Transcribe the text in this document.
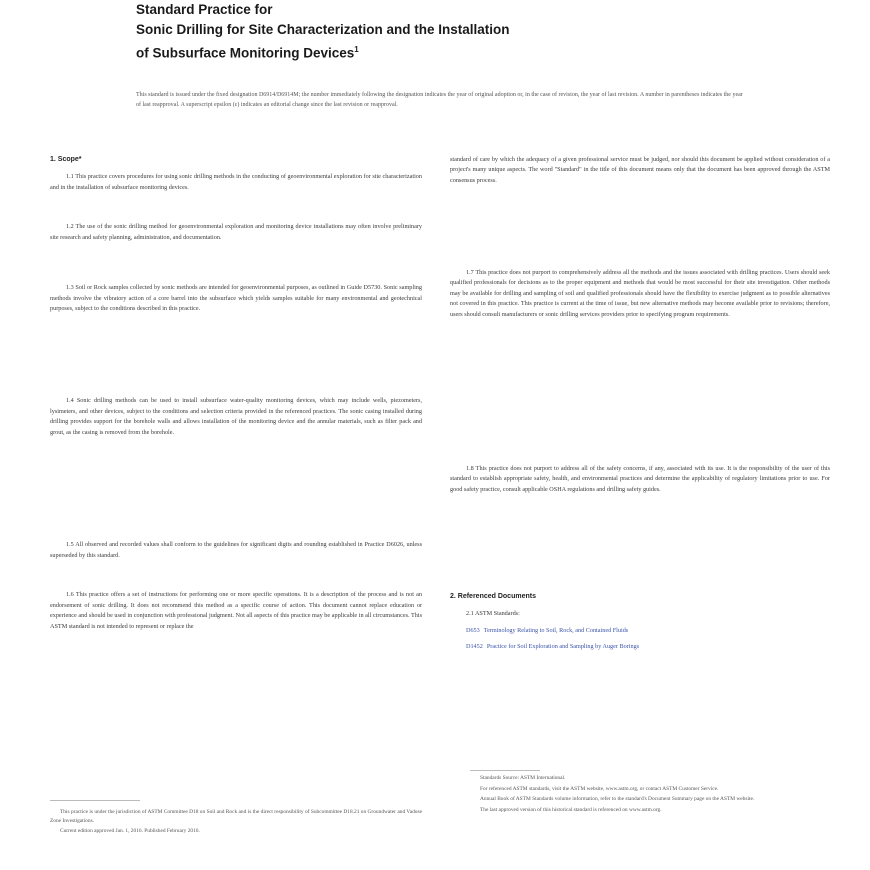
Standard Practice for
Sonic Drilling for Site Characterization and the Installation
of Subsurface Monitoring Devices$^1$
This standard is issued under the fixed designation D6914/D6914M; the number immediately following the designation indicates the year of original adoption or, in the case of revision, the year of last revision. A number in parentheses indicates the year of last reapproval. A superscript epsilon (ε) indicates an editorial change since the last revision or reapproval.
1. Scope*

1.1 This practice covers procedures for using sonic drilling methods in the conducting of geoenvironmental exploration for site characterization and in the installation of subsurface monitoring devices.

1.2 The use of the sonic drilling method for geoenvironmental exploration and monitoring device installations may often involve preliminary site research and safety planning, administration, and documentation.

1.3 Soil or Rock samples collected by sonic methods are intended for geoenvironmental purposes, as outlined in Guide D5730. Sonic sampling methods involve the vibratory action of a core barrel into the subsurface which yields samples suitable for many environmental and geotechnical purposes, subject to the conditions described in this practice.

1.4 Sonic drilling methods can be used to install subsurface water-quality monitoring devices, which may include wells, piezometers, lysimeters, and other devices, subject to the conditions and selection criteria provided in the referenced practices. The sonic casing installed during drilling provides support for the borehole walls and allows installation of the monitoring device and the annular materials, such as filter pack and grout, as the casing is removed from the borehole.

1.5 All observed and recorded values shall conform to the guidelines for significant digits and rounding established in Practice D6026, unless superseded by this standard.

1.6 This practice offers a set of instructions for performing one or more specific operations. It is a description of the process and is not an endorsement of sonic drilling. It does not recommend this method as a specific course of action. This document cannot replace education or experience and should be used in conjunction with professional judgment. Not all aspects of this practice may be applicable in all circumstances. This ASTM standard is not intended to represent or replace the

standard of care by which the adequacy of a given professional service must be judged, nor should this document be applied without consideration of a project's many unique aspects. The word "Standard" in the title of this document means only that the document has been approved through the ASTM consensus process.

1.7 This practice does not purport to comprehensively address all the methods and the issues associated with drilling practices. Users should seek qualified professionals for decisions as to the proper equipment and methods that would be most successful for their site investigation. Other methods may be available for drilling and sampling of soil and qualified professionals should have the flexibility to exercise judgment as to possible alternatives not covered in this practice. This practice is current at the time of issue, but new alternative methods may become available prior to revisions; therefore, users should consult manufacturers or sonic drilling services providers prior to specifying program requirements.

1.8 This practice does not purport to address all of the safety concerns, if any, associated with its use. It is the responsibility of the user of this standard to establish appropriate safety, health, and environmental practices and determine the applicability of regulatory limitations prior to use. For good safety practice, consult applicable OSHA regulations and drilling safety guides.

2. Referenced Documents
2.1 ASTM Standards:
D653 Terminology Relating to Soil, Rock, and Contained Fluids
D1452 Practice for Soil Exploration and Sampling by Auger Borings

This practice is under the jurisdiction of ASTM Committee D18 on Soil and Rock and is the direct responsibility of Subcommittee D18.21 on Groundwater and Vadose Zone Investigations.

Current edition approved Jan. 1, 2016. Published February 2016.

Standards Source: ASTM International.

For referenced ASTM standards, visit the ASTM website, www.astm.org, or contact ASTM Customer Service.

Annual Book of ASTM Standards volume information, refer to the standard's Document Summary page on the ASTM website.

The last approved version of this historical standard is referenced on www.astm.org.
